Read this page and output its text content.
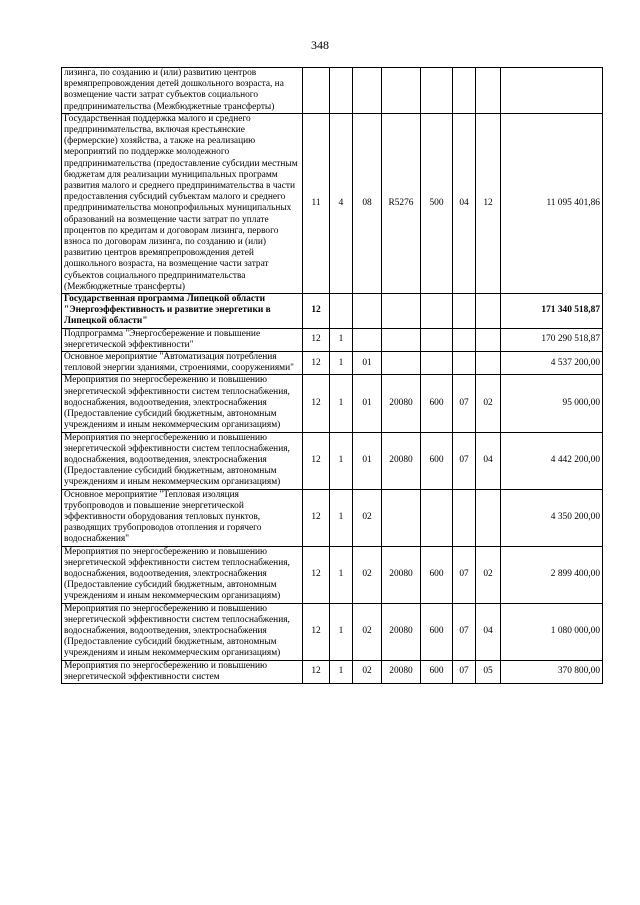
348
лизинга, по созданию и (или) развитию центров времяпрепровождения детей дошкольного возраста, на возмещение части затрат субъектов социального предпринимательства (Межбюджетные трансферты)								
Государственная поддержка малого и среднего предпринимательства, включая крестьянские (фермерские) хозяйства, а также на реализацию мероприятий по поддержке молодежного предпринимательства (предоставление субсидии местным бюджетам для реализации муниципальных программ развития малого и среднего предпринимательства в части предоставления субсидий субъектам малого и среднего предпринимательства монопрофильных муниципальных образований на возмещение части затрат по уплате процентов по кредитам и договорам лизинга, первого взноса по договорам лизинга, по созданию и (или) развитию центров времяпрепровождения детей дошкольного возраста, на возмещение части затрат субъектов социального предпринимательства (Межбюджетные трансферты)	11	4	08	R5276	500	04	12	11 095 401,86
Государственная программа Липецкой области "Энергоэффективность и развитие энергетики в Липецкой области"	12							171 340 518,87
Подпрограмма "Энергосбережение и повышение энергетической эффективности"	12	1						170 290 518,87
Основное мероприятие "Автоматизация потребления тепловой энергии зданиями, строениями, сооружениями"	12	1	01					4 537 200,00
Мероприятия по энергосбережению и повышению энергетической эффективности систем теплоснабжения, водоснабжения, водоотведения, электроснабжения (Предоставление субсидий бюджетным, автономным учреждениям и иным некоммерческим организациям)	12	1	01	20080	600	07	02	95 000,00
Мероприятия по энергосбережению и повышению энергетической эффективности систем теплоснабжения, водоснабжения, водоотведения, электроснабжения (Предоставление субсидий бюджетным, автономным учреждениям и иным некоммерческим организациям)	12	1	01	20080	600	07	04	4 442 200,00
Основное мероприятие "Тепловая изоляция трубопроводов и повышение энергетической эффективности оборудования тепловых пунктов, разводящих трубопроводов отопления и горячего водоснабжения"	12	1	02					4 350 200,00
Мероприятия по энергосбережению и повышению энергетической эффективности систем теплоснабжения, водоснабжения, водоотведения, электроснабжения (Предоставление субсидий бюджетным, автономным учреждениям и иным некоммерческим организациям)	12	1	02	20080	600	07	02	2 899 400,00
Мероприятия по энергосбережению и повышению энергетической эффективности систем теплоснабжения, водоснабжения, водоотведения, электроснабжения (Предоставление субсидий бюджетным, автономным учреждениям и иным некоммерческим организациям)	12	1	02	20080	600	07	04	1 080 000,00
Мероприятия по энергосбережению и повышению энергетической эффективности систем	12	1	02	20080	600	07	05	370 800,00
